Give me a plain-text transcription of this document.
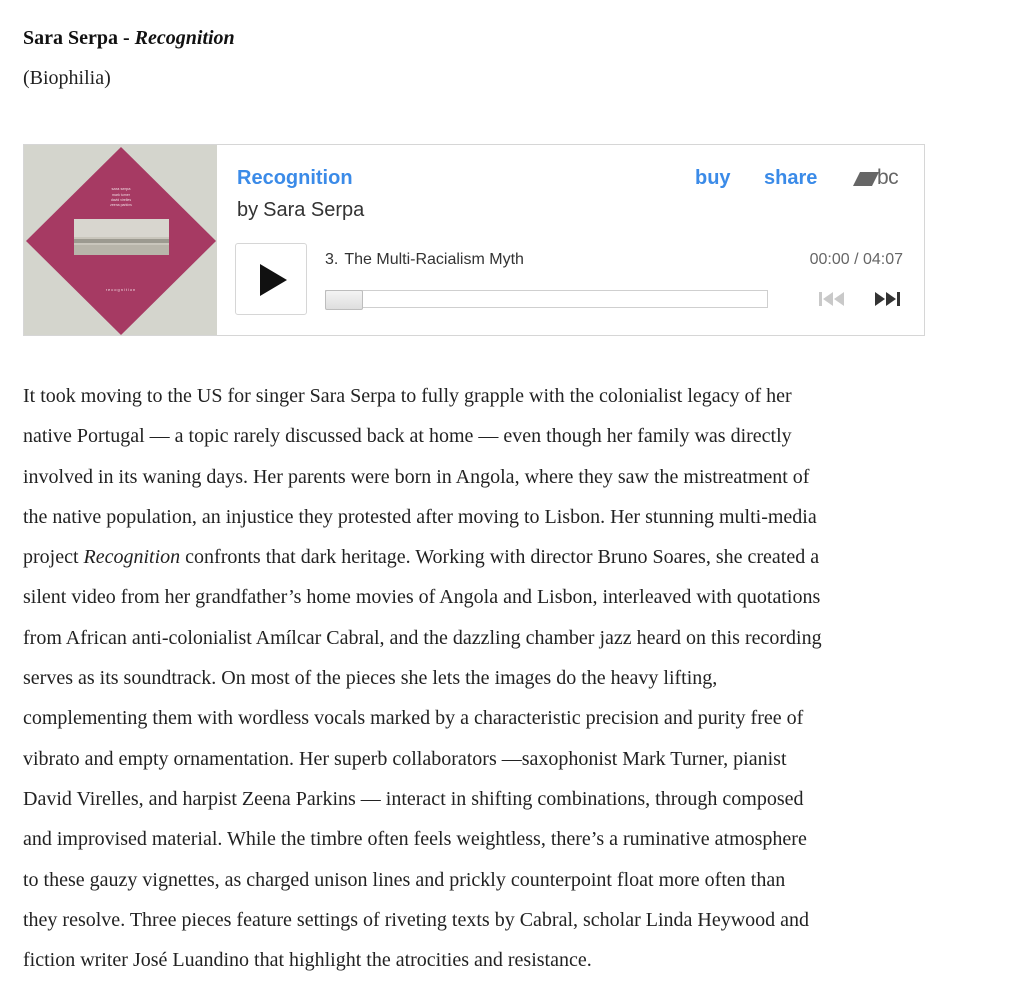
Sara Serpa - Recognition
(Biophilia)
sara serpa
mark turner
david virelles
zeena parkins
recognition
Recognition
by Sara Serpa
buy share	bc
3. The Multi-Racialism Myth	00:00 / 04:07
It took moving to the US for singer Sara Serpa to fully grapple with the colonialist legacy of her
native Portugal — a topic rarely discussed back at home — even though her family was directly
involved in its waning days. Her parents were born in Angola, where they saw the mistreatment of
the native population, an injustice they protested after moving to Lisbon. Her stunning multi-media
project Recognition confronts that dark heritage. Working with director Bruno Soares, she created a
silent video from her grandfather’s home movies of Angola and Lisbon, interleaved with quotations
from African anti-colonialist Amílcar Cabral, and the dazzling chamber jazz heard on this recording
serves as its soundtrack. On most of the pieces she lets the images do the heavy lifting,
complementing them with wordless vocals marked by a characteristic precision and purity free of
vibrato and empty ornamentation. Her superb collaborators —saxophonist Mark Turner, pianist
David Virelles, and harpist Zeena Parkins — interact in shifting combinations, through composed
and improvised material. While the timbre often feels weightless, there’s a ruminative atmosphere
to these gauzy vignettes, as charged unison lines and prickly counterpoint float more often than
they resolve. Three pieces feature settings of riveting texts by Cabral, scholar Linda Heywood and
fiction writer José Luandino that highlight the atrocities and resistance.
